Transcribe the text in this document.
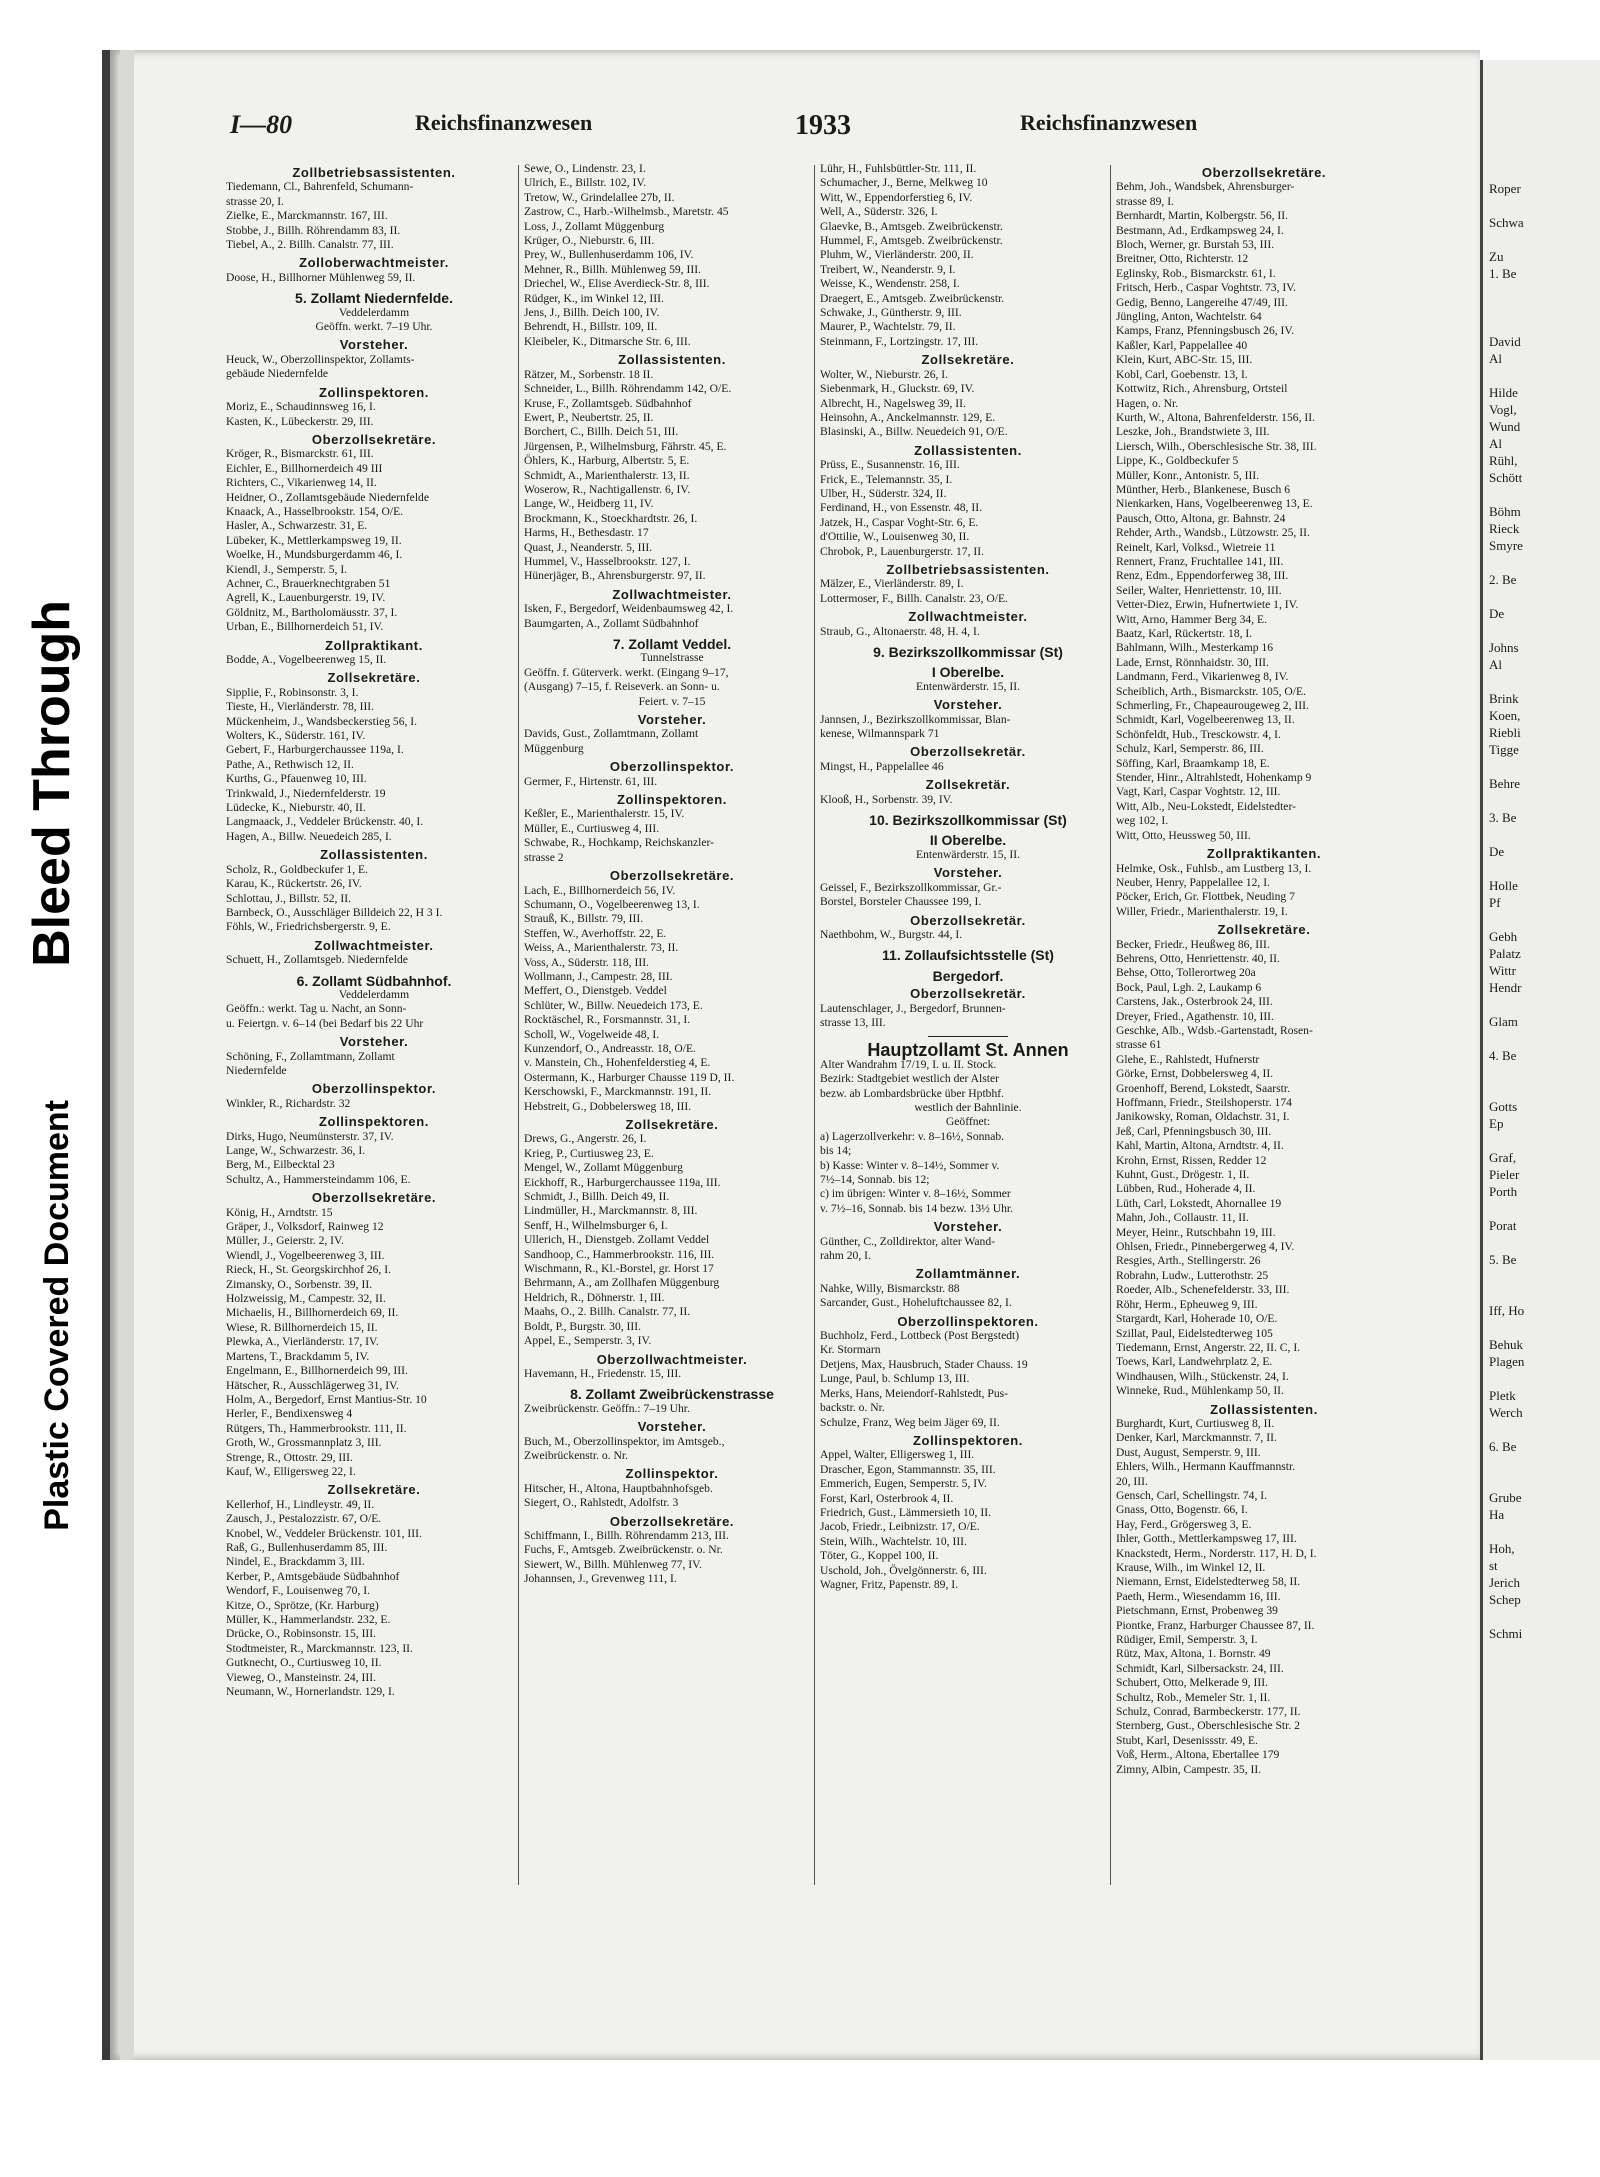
Bleed Through
Plastic Covered Document
Roper

Schwa

Zu
1. Be

David
Al

Hilde
Vogl,
Wund
Al
Rühl,
Schött

Böhm
Rieck
Smyre

2. Be

De

Johns
Al

Brink
Koen,
Riebli
Tigge

Behre

3. Be

De

Holle
Pf

Gebh
Palatz
Wittr
Hendr

Glam

4. Be

Gotts
Ep

Graf,
Pieler
Porth

Porat

5. Be

Iff, Ho

Behuk
Plagen

Pletk
Werch

6. Be

Grube
Ha

Hoh,
st
Jerich
Schep

Schmi
I—80	Reichsfinanzwesen	1933	Reichsfinanzwesen
Zollbetriebsassistenten.
Tiedemann, Cl., Bahrenfeld, Schumann-
strasse 20, I.
Zielke, E., Marckmannstr. 167, III.
Stobbe, J., Billh. Röhrendamm 83, II.
Tiebel, A., 2. Billh. Canalstr. 77, III.
Zolloberwachtmeister.
Doose, H., Billhorner Mühlenweg 59, II.
5. Zollamt Niedernfelde.
Veddelerdamm
Geöffn. werkt. 7–19 Uhr.
Vorsteher.
Heuck, W., Oberzollinspektor, Zollamts-
gebäude Niedernfelde
Zollinspektoren.
Moriz, E., Schaudinnsweg 16, I.
Kasten, K., Lübeckerstr. 29, III.
Oberzollsekretäre.
Kröger, R., Bismarckstr. 61, III.
Eichler, E., Billhornerdeich 49 III
Richters, C., Vikarienweg 14, II.
Heidner, O., Zollamtsgebäude Niedernfelde
Knaack, A., Hasselbrookstr. 154, O/E.
Hasler, A., Schwarzestr. 31, E.
Lübeker, K., Mettlerkampsweg 19, II.
Woelke, H., Mundsburgerdamm 46, I.
Kiendl, J., Semperstr. 5, I.
Achner, C., Brauerknechtgraben 51
Agrell, K., Lauenburgerstr. 19, IV.
Göldnitz, M., Bartholomäusstr. 37, I.
Urban, E., Billhornerdeich 51, IV.
Zollpraktikant.
Bodde, A., Vogelbeerenweg 15, II.
Zollsekretäre.
Sipplie, F., Robinsonstr. 3, I.
Tieste, H., Vierländerstr. 78, III.
Mückenheim, J., Wandsbeckerstieg 56, I.
Wolters, K., Süderstr. 161, IV.
Gebert, F., Harburgerchaussee 119a, I.
Pathe, A., Rethwisch 12, II.
Kurths, G., Pfauenweg 10, III.
Trinkwald, J., Niedernfelderstr. 19
Lüdecke, K., Nieburstr. 40, II.
Langmaack, J., Veddeler Brückenstr. 40, I.
Hagen, A., Billw. Neuedeich 285, I.
Zollassistenten.
Scholz, R., Goldbeckufer 1, E.
Karau, K., Rückertstr. 26, IV.
Schlottau, J., Billstr. 52, II.
Barnbeck, O., Ausschläger Billdeich 22, H 3 I.
Föhls, W., Friedrichsbergerstr. 9, E.
Zollwachtmeister.
Schuett, H., Zollamtsgeb. Niedernfelde
6. Zollamt Südbahnhof.
Veddelerdamm
Geöffn.: werkt. Tag u. Nacht, an Sonn-
u. Feiertgn. v. 6–14 (bei Bedarf bis 22 Uhr
Vorsteher.
Schöning, F., Zollamtmann, Zollamt
Niedernfelde
Oberzollinspektor.
Winkler, R., Richardstr. 32
Zollinspektoren.
Dirks, Hugo, Neumünsterstr. 37, IV.
Lange, W., Schwarzestr. 36, I.
Berg, M., Eilbecktal 23
Schultz, A., Hammersteindamm 106, E.
Oberzollsekretäre.
König, H., Arndtstr. 15
Gräper, J., Volksdorf, Rainweg 12
Müller, J., Geierstr. 2, IV.
Wiendl, J., Vogelbeerenweg 3, III.
Rieck, H., St. Georgskirchhof 26, I.
Zimansky, O., Sorbenstr. 39, II.
Holzweissig, M., Campestr. 32, II.
Michaelis, H., Billhornerdeich 69, II.
Wiese, R. Billhornerdeich 15, II.
Plewka, A., Vierländerstr. 17, IV.
Martens, T., Brackdamm 5, IV.
Engelmann, E., Billhornerdeich 99, III.
Hätscher, R., Ausschlägerweg 31, IV.
Holm, A., Bergedorf, Ernst Mantius-Str. 10
Herler, F., Bendixensweg 4
Rütgers, Th., Hammerbrookstr. 111, II.
Groth, W., Grossmannplatz 3, III.
Strenge, R., Ottostr. 29, III.
Kauf, W., Elligersweg 22, I.
Zollsekretäre.
Kellerhof, H., Lindleystr. 49, II.
Zausch, J., Pestalozzistr. 67, O/E.
Knobel, W., Veddeler Brückenstr. 101, III.
Raß, G., Bullenhuserdamm 85, III.
Nindel, E., Brackdamm 3, III.
Kerber, P., Amtsgebäude Südbahnhof
Wendorf, F., Louisenweg 70, I.
Kitze, O., Sprötze, (Kr. Harburg)
Müller, K., Hammerlandstr. 232, E.
Drücke, O., Robinsonstr. 15, III.
Stodtmeister, R., Marckmannstr. 123, II.
Gutknecht, O., Curtiusweg 10, II.
Vieweg, O., Mansteinstr. 24, III.
Neumann, W., Hornerlandstr. 129, I.
Sewe, O., Lindenstr. 23, I.
Ulrich, E., Billstr. 102, IV.
Tretow, W., Grindelallee 27b, II.
Zastrow, C., Harb.-Wilhelmsb., Maretstr. 45
Loss, J., Zollamt Müggenburg
Krüger, O., Nieburstr. 6, III.
Prey, W., Bullenhuserdamm 106, IV.
Mehner, R., Billh. Mühlenweg 59, III.
Driechel, W., Elise Averdieck-Str. 8, III.
Rüdger, K., im Winkel 12, III.
Jens, J., Billh. Deich 100, IV.
Behrendt, H., Billstr. 109, II.
Kleibeler, K., Ditmarsche Str. 6, III.
Zollassistenten.
Rätzer, M., Sorbenstr. 18 II.
Schneider, L., Billh. Röhrendamm 142, O/E.
Kruse, F., Zollamtsgeb. Südbahnhof
Ewert, P., Neubertstr. 25, II.
Borchert, C., Billh. Deich 51, III.
Jürgensen, P., Wilhelmsburg, Fährstr. 45, E.
Öhlers, K., Harburg, Albertstr. 5, E.
Schmidt, A., Marienthalerstr. 13, II.
Woserow, R., Nachtigallenstr. 6, IV.
Lange, W., Heidberg 11, IV.
Brockmann, K., Stoeckhardtstr. 26, I.
Harms, H., Bethesdastr. 17
Quast, J., Neanderstr. 5, III.
Hummel, V., Hasselbrookstr. 127, I.
Hünerjäger, B., Ahrensburgerstr. 97, II.
Zollwachtmeister.
Isken, F., Bergedorf, Weidenbaumsweg 42, I.
Baumgarten, A., Zollamt Südbahnhof
7. Zollamt Veddel.
Tunnelstrasse
Geöffn. f. Güterverk. werkt. (Eingang 9–17,
(Ausgang) 7–15, f. Reiseverk. an Sonn- u.
Feiert. v. 7–15
Vorsteher.
Davids, Gust., Zollamtmann, Zollamt
Müggenburg
Oberzollinspektor.
Germer, F., Hirtenstr. 61, III.
Zollinspektoren.
Keßler, E., Marienthalerstr. 15, IV.
Müller, E., Curtiusweg 4, III.
Schwabe, R., Hochkamp, Reichskanzler-
strasse 2
Oberzollsekretäre.
Lach, E., Billhornerdeich 56, IV.
Schumann, O., Vogelbeerenweg 13, I.
Strauß, K., Billstr. 79, III.
Steffen, W., Averhoffstr. 22, E.
Weiss, A., Marienthalerstr. 73, II.
Voss, A., Süderstr. 118, III.
Wollmann, J., Campestr. 28, III.
Meffert, O., Dienstgeb. Veddel
Schlüter, W., Billw. Neuedeich 173, E.
Rocktäschel, R., Forsmannstr. 31, I.
Scholl, W., Vogelweide 48, I.
Kunzendorf, O., Andreasstr. 18, O/E.
v. Manstein, Ch., Hohenfelderstieg 4, E.
Ostermann, K., Harburger Chausse 119 D, II.
Kerschowski, F., Marckmannstr. 191, II.
Hebstreit, G., Dobbelersweg 18, III.
Zollsekretäre.
Drews, G., Angerstr. 26, I.
Krieg, P., Curtiusweg 23, E.
Mengel, W., Zollamt Müggenburg
Eickhoff, R., Harburgerchaussee 119a, III.
Schmidt, J., Billh. Deich 49, II.
Lindmüller, H., Marckmannstr. 8, III.
Senff, H., Wilhelmsburger 6, I.
Ullerich, H., Dienstgeb. Zollamt Veddel
Sandhoop, C., Hammerbrookstr. 116, III.
Wischmann, R., Kl.-Borstel, gr. Horst 17
Behrmann, A., am Zollhafen Müggenburg
Heldrich, R., Döhnerstr. 1, III.
Maahs, O., 2. Billh. Canalstr. 77, II.
Boldt, P., Burgstr. 30, III.
Appel, E., Semperstr. 3, IV.
Oberzollwachtmeister.
Havemann, H., Friedenstr. 15, III.
8. Zollamt Zweibrückenstrasse
Zweibrückenstr. Geöffn.: 7–19 Uhr.
Vorsteher.
Buch, M., Oberzollinspektor, im Amtsgeb.,
Zweibrückenstr. o. Nr.
Zollinspektor.
Hitscher, H., Altona, Hauptbahnhofsgeb.
Siegert, O., Rahlstedt, Adolfstr. 3
Oberzollsekretäre.
Schiffmann, I., Billh. Röhrendamm 213, III.
Fuchs, F., Amtsgeb. Zweibrückenstr. o. Nr.
Siewert, W., Billh. Mühlenweg 77, IV.
Johannsen, J., Grevenweg 111, I.
Lühr, H., Fuhlsbüttler-Str. 111, II.
Schumacher, J., Berne, Melkweg 10
Witt, W., Eppendorferstieg 6, IV.
Well, A., Süderstr. 326, I.
Glaevke, B., Amtsgeb. Zweibrückenstr.
Hummel, F., Amtsgeb. Zweibrückenstr.
Pluhm, W., Vierländerstr. 200, II.
Treibert, W., Neanderstr. 9, I.
Weisse, K., Wendenstr. 258, I.
Draegert, E., Amtsgeb. Zweibrückenstr.
Schwake, J., Güntherstr. 9, III.
Maurer, P., Wachtelstr. 79, II.
Steinmann, F., Lortzingstr. 17, III.
Zollsekretäre.
Wolter, W., Nieburstr. 26, I.
Siebenmark, H., Gluckstr. 69, IV.
Albrecht, H., Nagelsweg 39, II.
Heinsohn, A., Anckelmannstr. 129, E.
Blasinski, A., Billw. Neuedeich 91, O/E.
Zollassistenten.
Prüss, E., Susannenstr. 16, III.
Frick, E., Telemannstr. 35, I.
Ulber, H., Süderstr. 324, II.
Ferdinand, H., von Essenstr. 48, II.
Jatzek, H., Caspar Voght-Str. 6, E.
d'Ottilie, W., Louisenweg 30, II.
Chrobok, P., Lauenburgerstr. 17, II.
Zollbetriebsassistenten.
Mälzer, E., Vierländerstr. 89, I.
Lottermoser, F., Billh. Canalstr. 23, O/E.
Zollwachtmeister.
Straub, G., Altonaerstr. 48, H. 4, I.
9. Bezirkszollkommissar (St)
I Oberelbe.
Entenwärderstr. 15, II.
Vorsteher.
Jannsen, J., Bezirkszollkommissar, Blan-
kenese, Wilmannspark 71
Oberzollsekretär.
Mingst, H., Pappelallee 46
Zollsekretär.
Klooß, H., Sorbenstr. 39, IV.
10. Bezirkszollkommissar (St)
II Oberelbe.
Entenwärderstr. 15, II.
Vorsteher.
Geissel, F., Bezirkszollkommissar, Gr.-
Borstel, Borsteler Chaussee 199, I.
Oberzollsekretär.
Naethbohm, W., Burgstr. 44, I.
11. Zollaufsichtsstelle (St)
Bergedorf.
Oberzollsekretär.
Lautenschlager, J., Bergedorf, Brunnen-
strasse 13, III.
Hauptzollamt St. Annen
Alter Wandrahm 17/19, I. u. II. Stock.
Bezirk: Stadtgebiet westlich der Alster
bezw. ab Lombardsbrücke über Hptbhf.
westlich der Bahnlinie.
Geöffnet:
a) Lagerzollverkehr: v. 8–16½, Sonnab.
bis 14;
b) Kasse: Winter v. 8–14½, Sommer v.
7½–14, Sonnab. bis 12;
c) im übrigen: Winter v. 8–16½, Sommer
v. 7½–16, Sonnab. bis 14 bezw. 13½ Uhr.
Vorsteher.
Günther, C., Zolldirektor, alter Wand-
rahm 20, I.
Zollamtmänner.
Nahke, Willy, Bismarckstr. 88
Sarcander, Gust., Hoheluftchaussee 82, I.
Oberzollinspektoren.
Buchholz, Ferd., Lottbeck (Post Bergstedt)
Kr. Stormarn
Detjens, Max, Hausbruch, Stader Chauss. 19
Lunge, Paul, b. Schlump 13, III.
Merks, Hans, Meiendorf-Rahlstedt, Pus-
backstr. o. Nr.
Schulze, Franz, Weg beim Jäger 69, II.
Zollinspektoren.
Appel, Walter, Elligersweg 1, III.
Drascher, Egon, Stammannstr. 35, III.
Emmerich, Eugen, Semperstr. 5, IV.
Forst, Karl, Osterbrook 4, II.
Friedrich, Gust., Lämmersieth 10, II.
Jacob, Friedr., Leibnizstr. 17, O/E.
Stein, Wilh., Wachtelstr. 10, III.
Töter, G., Koppel 100, II.
Uschold, Joh., Övelgönnerstr. 6, III.
Wagner, Fritz, Papenstr. 89, I.
Oberzollsekretäre.
Behm, Joh., Wandsbek, Ahrensburger-
strasse 89, I.
Bernhardt, Martin, Kolbergstr. 56, II.
Bestmann, Ad., Erdkampsweg 24, I.
Bloch, Werner, gr. Burstah 53, III.
Breitner, Otto, Richterstr. 12
Eglinsky, Rob., Bismarckstr. 61, I.
Fritsch, Herb., Caspar Voghtstr. 73, IV.
Gedig, Benno, Langereihe 47/49, III.
Jüngling, Anton, Wachtelstr. 64
Kamps, Franz, Pfenningsbusch 26, IV.
Kaßler, Karl, Pappelallee 40
Klein, Kurt, ABC-Str. 15, III.
Kobl, Carl, Goebenstr. 13, I.
Kottwitz, Rich., Ahrensburg, Ortsteil
Hagen, o. Nr.
Kurth, W., Altona, Bahrenfelderstr. 156, II.
Leszke, Joh., Brandstwiete 3, III.
Liersch, Wilh., Oberschlesische Str. 38, III.
Lippe, K., Goldbeckufer 5
Müller, Konr., Antonistr. 5, III.
Münther, Herb., Blankenese, Busch 6
Nienkarken, Hans, Vogelbeerenweg 13, E.
Pausch, Otto, Altona, gr. Bahnstr. 24
Rehder, Arth., Wandsb., Lützowstr. 25, II.
Reinelt, Karl, Volksd., Wietreie 11
Rennert, Franz, Fruchtallee 141, III.
Renz, Edm., Eppendorferweg 38, III.
Seiler, Walter, Henriettenstr. 10, III.
Vetter-Diez, Erwin, Hufnertwiete 1, IV.
Witt, Arno, Hammer Berg 34, E.
Baatz, Karl, Rückertstr. 18, I.
Bahlmann, Wilh., Mesterkamp 16
Lade, Ernst, Rönnhaidstr. 30, III.
Landmann, Ferd., Vikarienweg 8, IV.
Scheiblich, Arth., Bismarckstr. 105, O/E.
Schmerling, Fr., Chapeaurougeweg 2, III.
Schmidt, Karl, Vogelbeerenweg 13, II.
Schönfeldt, Hub., Tresckowstr. 4, I.
Schulz, Karl, Semperstr. 86, III.
Söffing, Karl, Braamkamp 18, E.
Stender, Hinr., Altrahlstedt, Hohenkamp 9
Vagt, Karl, Caspar Voghtstr. 12, III.
Witt, Alb., Neu-Lokstedt, Eidelstedter-
weg 102, I.
Witt, Otto, Heussweg 50, III.
Zollpraktikanten.
Helmke, Osk., Fuhlsb., am Lustberg 13, I.
Neuber, Henry, Pappelallee 12, I.
Pöcker, Erich, Gr. Flottbek, Neuding 7
Willer, Friedr., Marienthalerstr. 19, I.
Zollsekretäre.
Becker, Friedr., Heußweg 86, III.
Behrens, Otto, Henriettenstr. 40, II.
Behse, Otto, Tollerortweg 20a
Bock, Paul, Lgh. 2, Laukamp 6
Carstens, Jak., Osterbrook 24, III.
Dreyer, Fried., Agathenstr. 10, III.
Geschke, Alb., Wdsb.-Gartenstadt, Rosen-
strasse 61
Glehe, E., Rahlstedt, Hufnerstr
Görke, Ernst, Dobbelersweg 4, II.
Groenhoff, Berend, Lokstedt, Saarstr.
Hoffmann, Friedr., Steilshoperstr. 174
Janikowsky, Roman, Oldachstr. 31, I.
Jeß, Carl, Pfenningsbusch 30, III.
Kahl, Martin, Altona, Arndtstr. 4, II.
Krohn, Ernst, Rissen, Redder 12
Kuhnt, Gust., Drögestr. 1, II.
Lübben, Rud., Hoherade 4, II.
Lüth, Carl, Lokstedt, Ahornallee 19
Mahn, Joh., Collaustr. 11, II.
Meyer, Heinr., Rutschbahn 19, III.
Ohlsen, Friedr., Pinnebergerweg 4, IV.
Resgies, Arth., Stellingerstr. 26
Robrahn, Ludw., Lutterothstr. 25
Roeder, Alb., Schenefelderstr. 33, III.
Röhr, Herm., Epheuweg 9, III.
Stargardt, Karl, Hoherade 10, O/E.
Szillat, Paul, Eidelstedterweg 105
Tiedemann, Ernst, Angerstr. 22, II. C, I.
Toews, Karl, Landwehrplatz 2, E.
Windhausen, Wilh., Stückenstr. 24, I.
Winneke, Rud., Mühlenkamp 50, II.
Zollassistenten.
Burghardt, Kurt, Curtiusweg 8, II.
Denker, Karl, Marckmannstr. 7, II.
Dust, August, Semperstr. 9, III.
Ehlers, Wilh., Hermann Kauffmannstr.
20, III.
Gensch, Carl, Schellingstr. 74, I.
Gnass, Otto, Bogenstr. 66, I.
Hay, Ferd., Grögersweg 3, E.
Ihler, Gotth., Mettlerkampsweg 17, III.
Knackstedt, Herm., Norderstr. 117, H. D, I.
Krause, Wilh., im Winkel 12, II.
Niemann, Ernst, Eidelstedterweg 58, II.
Paeth, Herm., Wiesendamm 16, III.
Pietschmann, Ernst, Probenweg 39
Piontke, Franz, Harburger Chaussee 87, II.
Rüdiger, Emil, Semperstr. 3, I.
Rütz, Max, Altona, 1. Bornstr. 49
Schmidt, Karl, Silbersackstr. 24, III.
Schubert, Otto, Melkerade 9, III.
Schultz, Rob., Memeler Str. 1, II.
Schulz, Conrad, Barmbeckerstr. 177, II.
Sternberg, Gust., Oberschlesische Str. 2
Stubt, Karl, Desenissstr. 49, E.
Voß, Herm., Altona, Ebertallee 179
Zimny, Albin, Campestr. 35, II.
